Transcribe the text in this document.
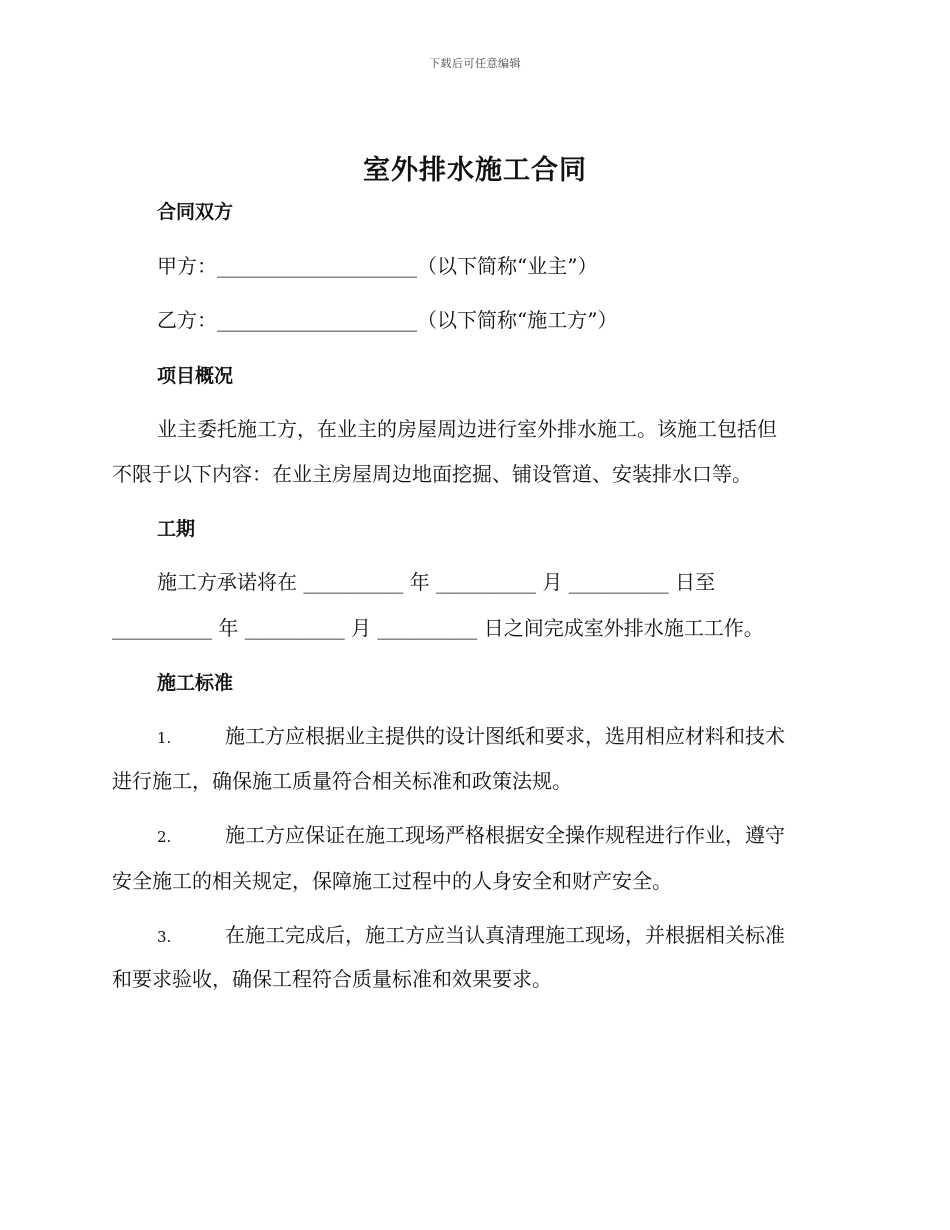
下载后可任意编辑
室外排水施工合同
合同双方
甲方：____________________（以下简称“业主”）
乙方：____________________（以下简称“施工方”）
项目概况
业主委托施工方，在业主的房屋周边进行室外排水施工。该施工包括但
不限于以下内容：在业主房屋周边地面挖掘、铺设管道、安装排水口等。
工期
施工方承诺将在 __________ 年 __________ 月 __________ 日至
__________ 年 __________ 月 __________ 日之间完成室外排水施工工作。
施工标准
1.	施工方应根据业主提供的设计图纸和要求，选用相应材料和技术
进行施工，确保施工质量符合相关标准和政策法规。
2.	施工方应保证在施工现场严格根据安全操作规程进行作业，遵守
安全施工的相关规定，保障施工过程中的人身安全和财产安全。
3.	在施工完成后，施工方应当认真清理施工现场，并根据相关标准
和要求验收，确保工程符合质量标准和效果要求。
